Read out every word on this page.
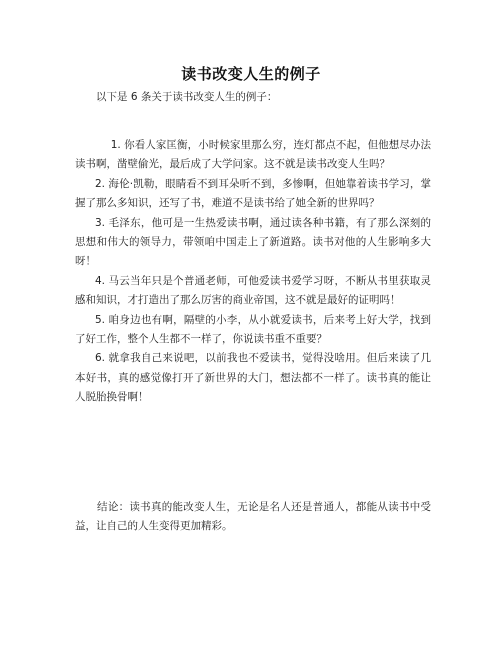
读书改变人生的例子
以下是 6 条关于读书改变人生的例子：

1. 你看人家匡衡，小时候家里那么穷，连灯都点不起，但他想尽办法读书啊，凿壁偷光，最后成了大学问家。这不就是读书改变人生吗？

2. 海伦·凯勒，眼睛看不到耳朵听不到，多惨啊，但她靠着读书学习，掌握了那么多知识，还写了书，难道不是读书给了她全新的世界吗？

3. 毛泽东，他可是一生热爱读书啊，通过读各种书籍，有了那么深刻的思想和伟大的领导力，带领咱中国走上了新道路。读书对他的人生影响多大呀！

4. 马云当年只是个普通老师，可他爱读书爱学习呀，不断从书里获取灵感和知识，才打造出了那么厉害的商业帝国，这不就是最好的证明吗！

5. 咱身边也有啊，隔壁的小李，从小就爱读书，后来考上好大学，找到了好工作，整个人生都不一样了，你说读书重不重要？

6. 就拿我自己来说吧，以前我也不爱读书，觉得没啥用。但后来读了几本好书，真的感觉像打开了新世界的大门，想法都不一样了。读书真的能让人脱胎换骨啊！

结论：读书真的能改变人生，无论是名人还是普通人，都能从读书中受益，让自己的人生变得更加精彩。
